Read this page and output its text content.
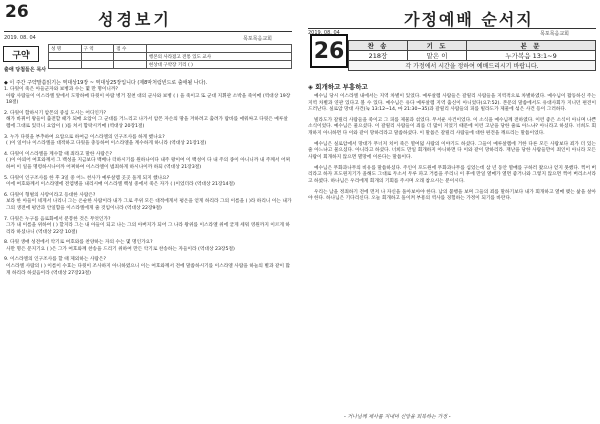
26	성경보기
2019. 08. 04	목포목음교회
구약
성 명	구 역	점 수	
			행본의 사라졌고 전통 있도 교사
			현상대 구약장 기리 ( )
출애 당첨들은 목사
◆ 이 주간 구약말씀읽기는 역대상19장 ~ 역대상25장입니다 (제8막처럼빈드로 출애될 나다).
1. 다윗이 죽은 아들군자와 보병과 수는 몇 만 명이니까?
아람 사람들이 이스라엘 앞에서 도망하매 다윗이 아람 병거 칠천 대의 군사와 보병 ( ) 을 죽이고 또 군대 지휘관 소박을 죽이매 (역대상 19장18절)
2. 다윗이 합하시기 암몬의 중심 도시는 어디인가?
해가 바뀌어 왕들이 출전할 때가 되매 요압이 그 군대를 거느리고 나가서 암몬 자손의 땅을 겨하려고 출려가 랍바를 애워싸고 다윗은 예루살렘에 그대로 있더니 요압이 ( )를 쳐서 함락시키매 (역대상 20장1절)
3. 누가 다윗을 부추하여 요압으로 하여금 이스라엘의 인구조사를 하게 했나요?
( )이 일어나 이스라엘을 대적하고 다윗을 충동하여 이스라엘을 계수하게 하니라 (역대상 21장1절)
4. 다윗이 이스라엘을 계수할 때 죄라고 말한 사람은?
( )이 아뢰어 여호와께서 그 백성을 지금보다 백배나 더하시기를 원하나이다 내주 왕이여 이 백성이 다 내 주의 종이 아니니까 내 주께서 어찌하여 이 일을 명령하시나이까 어찌하여 이스라엘이 범죄하게 하시나이까 하되 (역대상 21장3절)
5. 다윗이 인구조사를 한 후 3일 중 어느 천사가 예루살렘 곳곳 돌게 되지 했나요?
이에 여호와께서 이스라엘에 전염병을 내리시매 이스라엘 백성 중에서 죽은 자가 ( )이었더라 (역대상 21장14절)
6. 다윗이 형벌의 사랑이라고 등대한 사람은?
보라 한 아들이 네게서 나리니 그는 온순한 사람이라 내가 그로 주위 모든 대적에게서 평온을 얻게 하리라 그의 이름을 ( )라 하리니 이는 내가 그의 생전에 평안과 안일함을 이스라엘에게 줄 것임이니라 (역대상 22장9절)
7. 다윗은 누구를 음로화에서 분봉한 것은 무엇인가?
그가 내 이름을 위하여 ( ) 할지라 그는 내 아들이 되고 나는 그의 아버지가 되어 그 나라 왕위를 이스라엘 위에 굳게 세워 영원까지 이르게 하리라 하셨나니 (역대상 22장 10절)
8. 다윗 생애 성전에서 악기로 여호와를 찬양하는 자의 수는 몇 명인가요?
사만 명은 문지기요 ( )은 그가 여호와께 찬송을 드리기 위하여 만든 악기로 찬송하는 자들이라 (역대상 23장5절)
9. 이스라엘의 인구조사를 할 때 제외하는 사람은?
이스라엘 사람의 ( ) 이름이 수효는 다윗이 조사하지 아니하였으니 이는 여호와께서 전에 말씀하시기를 이스라엘 사람을 하늘의 별과 같이 많게 하리라 하셨음이라 (역대상 27장23절)
가정예배 순서지
2019. 08. 04	목포목음교회
26	찬 송	기 도	본 문
218장	맡은 이	누가복음 13:1~9
각 가정에서 시간을 정하여 예배드리시기 바랍니다.		
◈ 회개하고 부흥하고

예수님 당시 이스라엘 내에서는 지역 차별이 있었다. 예루살렘 사람들은 갈릴리 사람들을 지역적으로 차별하였다. 예수님이 활동하신 주는 지역 차별과 연관 있다고 볼 수 있다. 예수님은 유다 예루살렘 지역 출신이 아니었다(요7:52). 본문의 말씀에서도 유대사회가 지니던 편견이 드러난다. 실로암 망대 사건(눅 13:12~14, 마 21:30~35)과 갈릴리 사람들의 피를 빌라도가 제물에 섞은 사건 등이 그러하다.

빌라도가 갈릴리 사람들을 죽이고 그 피를 제물과 섞었다. 무서운 사건이었다. 이 소식을 예수님께 전하였다. 이런 좋은 소식이 아니며 나쁜 소식이었다. 예수님은 물으셨다. 이 갈릴리 사람들이 죄를 더 많이 지었기 때문에 이런 고난을 당한 줄로 아느냐? 아니라고 하셨다. 너희도 회개하지 아니하면 다 이와 같이 망하리라고 말씀하셨다. 이 말씀은 갈릴리 사람들에 대한 편견을 깨뜨리는 말씀이었다.

예수님은 실로암에서 망대가 무너져 치어 죽은 열여덟 사람의 이야기도 하셨다. 그들이 예루살렘에 거한 다른 모든 사람보다 죄가 더 있는 줄 아느냐고 물으셨다. 아니라고 하셨다. 너희도 만일 회개하지 아니하면 다 이와 같이 망하리라. 재난을 당한 사람들만이 죄인이 아니라 모든 사람이 회개하지 않으면 멸망에 이른다는 말씀이다.

예수님은 무화과나무의 비유를 말씀하셨다. 주인이 포도원에 무화과나무를 심었는데 삼 년 동안 열매를 구하러 왔으나 얻지 못했다. 찍어 버리라고 하자 포도원지기가 올해도 그대로 두소서 두루 파고 거름을 주리니 이 후에 만일 열매가 열면 좋거니와 그렇지 않으면 찍어 버리소서라고 하였다. 하나님은 우리에게 회개의 기회를 주시며 오래 참으시는 분이시다.

우리는 남을 정죄하기 전에 먼저 나 자신을 돌아보아야 한다. 남의 불행을 보며 그들의 죄를 말하기보다 내가 회개하고 열매 맺는 삶을 살아야 한다. 하나님은 기다리신다. 오늘 회개하고 돌이켜 부흥의 역사를 경험하는 가정이 되기를 바란다.

- 거나님께 제사를 지내며 신앙을 회복하는 가정 -
